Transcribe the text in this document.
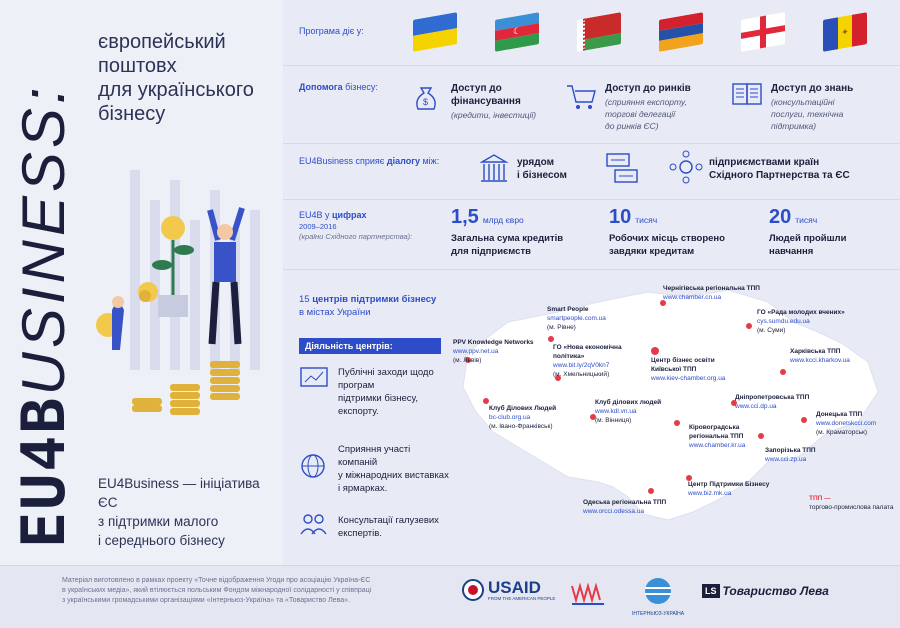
EU4BUSINESS:
європейський
поштовх
для українського
бізнесу
EU4Business — ініціатива ЄС
з підтримки малого
і середнього бізнесу
Програма діє у:	☾	✦
Допомога бізнесу:
$
Доступ до
фінансування
(кредити, інвестиції)
Доступ до ринків
(сприяння експорту,
торгові делегації
до ринків ЄС)
Доступ до знань
(консультаційні
послуги, технічна
підтримка)
EU4Business сприяє діалогу між:	урядом
і бізнесом
підприємствами країн
Східного Партнерства та ЄС
EU4B у цифрах
2009–2016
(країни Східного партнерства):
1,5 млрд євро
Загальна сума кредитів
для підприємств
10 тисяч
Робочих місць створено
завдяки кредитам
20 тисяч
Людей пройшли
навчання
15 центрів підтримки бізнесу
в містах України
Чернігівська регіональна ТПП
www.chamber.cn.ua
Smart People
smartpeople.com.ua
(м. Рівне)
ГО «Рада молодих вчених»
cys.sumdu.edu.ua
(м. Суми)
PPV Knowledge Networks
www.ppv.net.ua
(м. Львів)
ГО «Нова економічна
політика»
www.bit.ly/2qV0kn7
(м. Хмельницький)
Центр бізнес освіти
Київської ТПП
www.kiev-chamber.org.ua
Харківська ТПП
www.kcci.kharkov.ua
Клуб Ділових Людей
bc-club.org.ua
(м. Івано-Франківськ)
Клуб ділових людей
www.kdl.vn.ua
(м. Вінниця)
Дніпропетровська ТПП
www.cci.dp.ua
Донецька ТПП
www.donetskcci.com
(м. Краматорськ)
Кіровоградська
регіональна ТПП
www.chamber.kr.ua
Запорізька ТПП
www.cci.zp.ua
Центр Підтримки Бізнесу
www.biz.mk.ua
Одеська регіональна ТПП
www.orcci.odessa.ua
ТПП —
торгово-промислова палата
Діяльність центрів:
Публічні заходи щодо
програм
підтримки бізнесу,
експорту.
Сприяння участі
компаній
у міжнародних виставках
і ярмарках.
Консультації галузевих
експертів.
Матеріал виготовлено в рамках проекту «Точне відображення Угоди про асоціацію Україна-ЄС
в українських медіа», який втілюється польським Фондом міжнародної солідарності у співпраці
з українськими громадськими організаціями «Інтерньюз-Україна» та «Товариство Лева».
USAID
FROM THE AMERICAN PEOPLE
ІНТЕРНЬЮЗ-УКРАЇНА
LS Товариство Лева
